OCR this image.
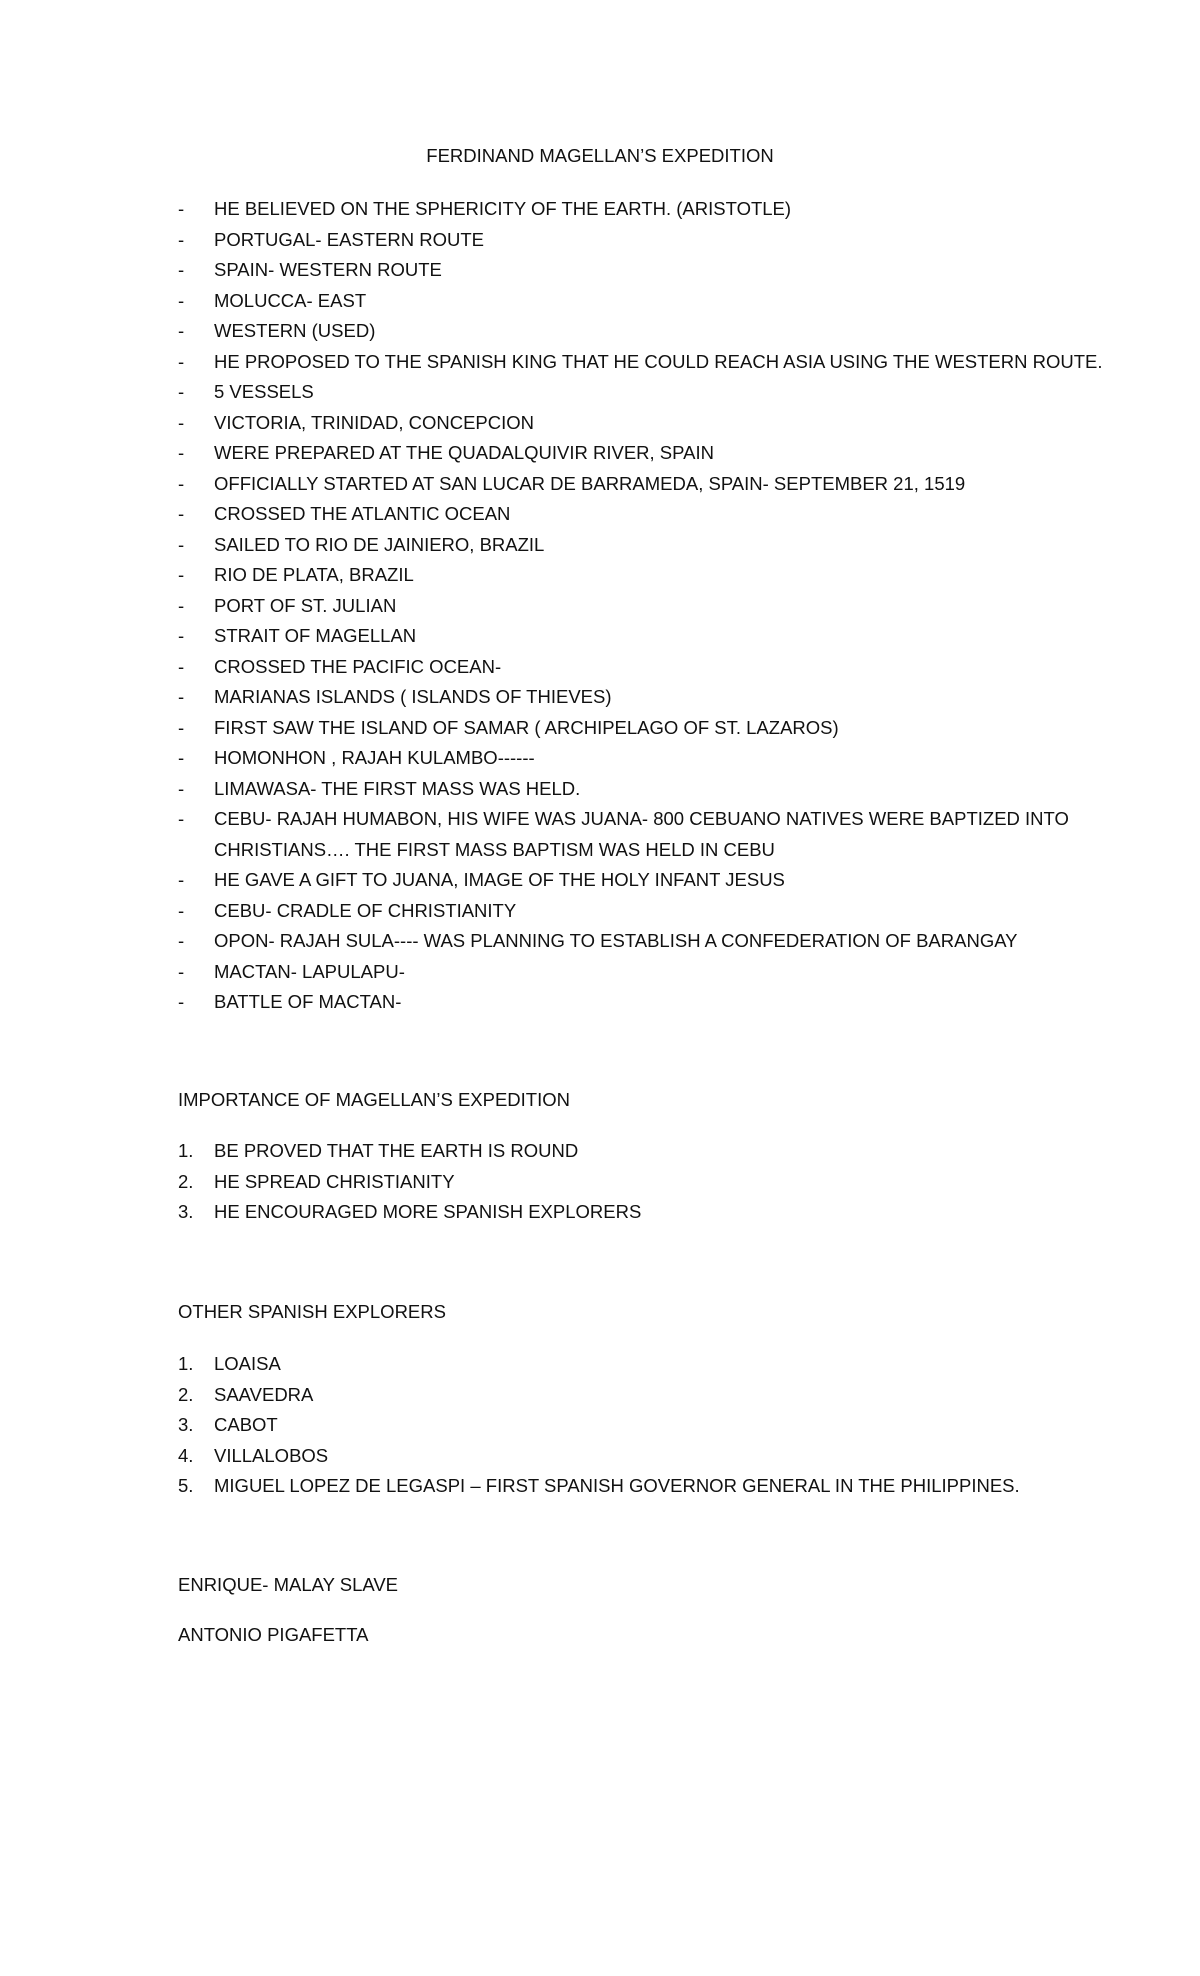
FERDINAND MAGELLAN’S EXPEDITION
-	HE BELIEVED ON THE SPHERICITY OF THE EARTH. (ARISTOTLE)
-	PORTUGAL- EASTERN ROUTE
-	SPAIN- WESTERN ROUTE
-	MOLUCCA- EAST
-	WESTERN (USED)
-	HE PROPOSED TO THE SPANISH KING THAT HE COULD REACH ASIA USING THE WESTERN ROUTE.
-	5 VESSELS
-	VICTORIA, TRINIDAD, CONCEPCION
-	WERE PREPARED AT THE QUADALQUIVIR RIVER, SPAIN
-	OFFICIALLY STARTED AT SAN LUCAR DE BARRAMEDA, SPAIN- SEPTEMBER 21, 1519
-	CROSSED THE ATLANTIC OCEAN
-	SAILED TO RIO DE JAINIERO, BRAZIL
-	RIO DE PLATA, BRAZIL
-	PORT OF ST. JULIAN
-	STRAIT OF MAGELLAN
-	CROSSED THE PACIFIC OCEAN-
-	MARIANAS ISLANDS ( ISLANDS OF THIEVES)
-	FIRST SAW THE ISLAND OF SAMAR ( ARCHIPELAGO OF ST. LAZAROS)
-	HOMONHON , RAJAH KULAMBO------
-	LIMAWASA- THE FIRST MASS WAS HELD.
-	CEBU- RAJAH HUMABON, HIS WIFE WAS JUANA- 800 CEBUANO NATIVES WERE BAPTIZED INTO
CHRISTIANS…. THE FIRST MASS BAPTISM WAS HELD IN CEBU
-	HE GAVE A GIFT TO JUANA, IMAGE OF THE HOLY INFANT JESUS
-	CEBU- CRADLE OF CHRISTIANITY
-	OPON- RAJAH SULA---- WAS PLANNING TO ESTABLISH A CONFEDERATION OF BARANGAY
-	MACTAN- LAPULAPU-
-	BATTLE OF MACTAN-
IMPORTANCE OF MAGELLAN’S EXPEDITION
1.	BE PROVED THAT THE EARTH IS ROUND
2.	HE SPREAD CHRISTIANITY
3.	HE ENCOURAGED MORE SPANISH EXPLORERS
OTHER SPANISH EXPLORERS
1.	LOAISA
2.	SAAVEDRA
3.	CABOT
4.	VILLALOBOS
5.	MIGUEL LOPEZ DE LEGASPI – FIRST SPANISH GOVERNOR GENERAL IN THE PHILIPPINES.
ENRIQUE- MALAY SLAVE
ANTONIO PIGAFETTA
